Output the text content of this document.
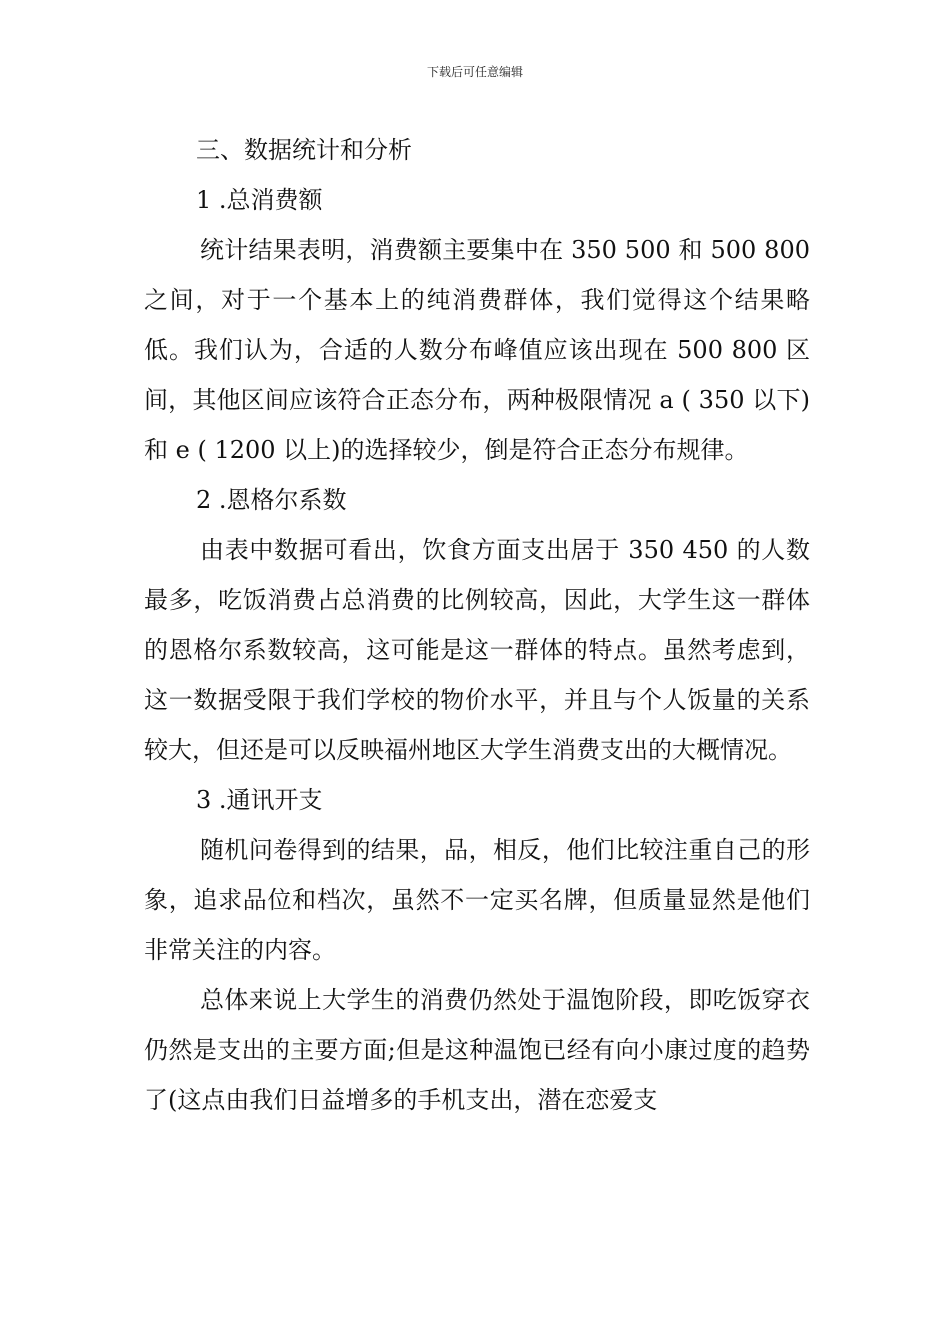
下载后可任意编辑
三、数据统计和分析
1 .总消费额

统计结果表明，消费额主要集中在 350 500 和 500 800 之间，对于一个基本上的纯消费群体，我们觉得这个结果略低。我们认为，合适的人数分布峰值应该出现在 500 800 区间，其他区间应该符合正态分布，两种极限情况 a ( 350 以下)和 e ( 1200 以上)的选择较少，倒是符合正态分布规律。

2 .恩格尔系数

由表中数据可看出，饮食方面支出居于 350 450 的人数最多，吃饭消费占总消费的比例较高，因此，大学生这一群体的恩格尔系数较高，这可能是这一群体的特点。虽然考虑到，这一数据受限于我们学校的物价水平，并且与个人饭量的关系较大，但还是可以反映福州地区大学生消费支出的大概情况。

3 .通讯开支

随机问卷得到的结果，品，相反，他们比较注重自己的形象，追求品位和档次，虽然不一定买名牌，但质量显然是他们非常关注的内容。

总体来说上大学生的消费仍然处于温饱阶段，即吃饭穿衣仍然是支出的主要方面;但是这种温饱已经有向小康过度的趋势了(这点由我们日益增多的手机支出，潜在恋爱支
